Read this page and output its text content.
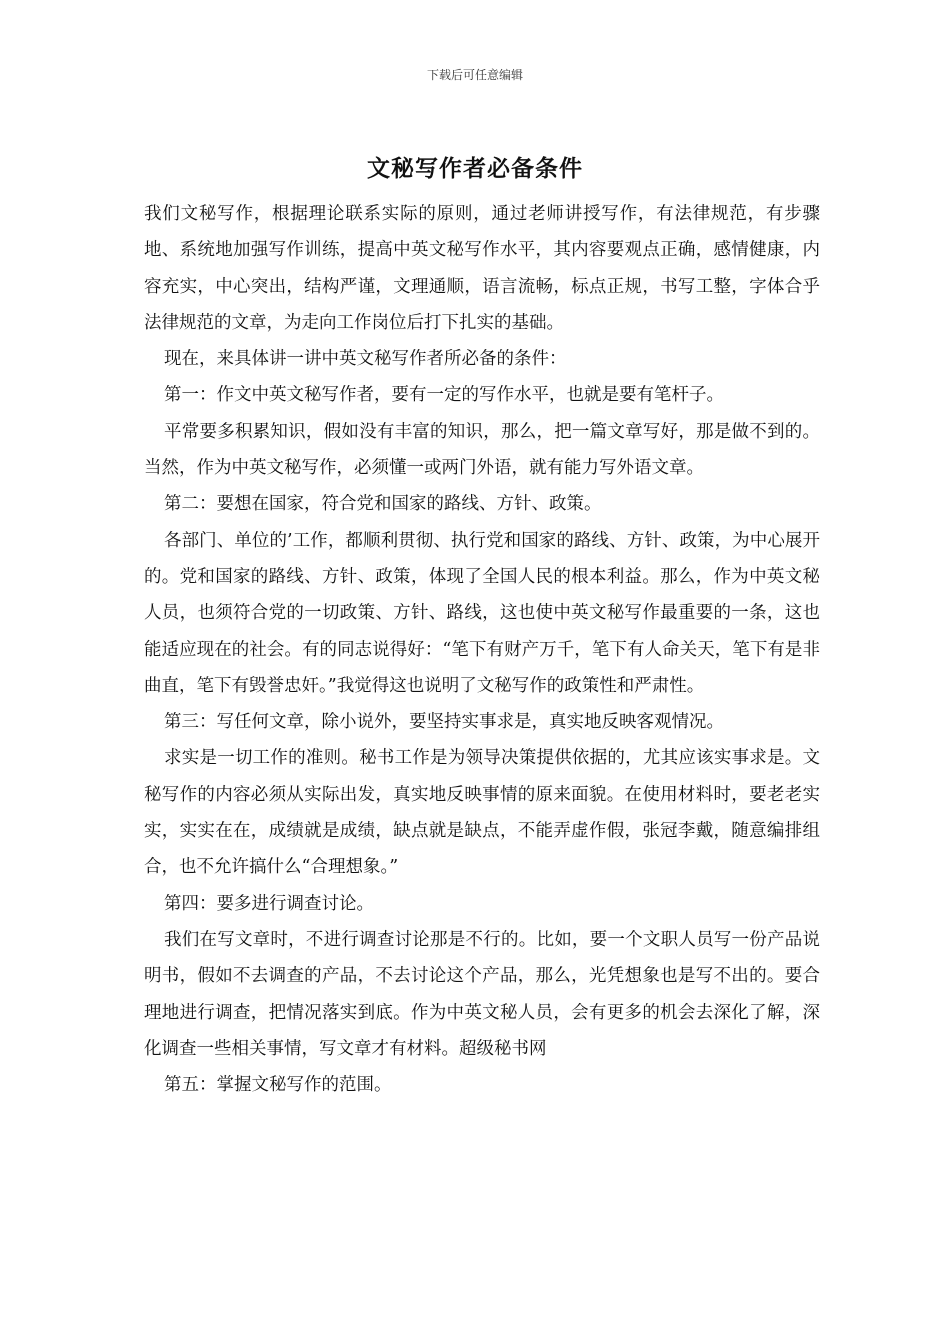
下载后可任意编辑
文秘写作者必备条件

我们文秘写作，根据理论联系实际的原则，通过老师讲授写作，有法律规范，有步骤地、系统地加强写作训练，提高中英文秘写作水平，其内容要观点正确，感情健康，内容充实，中心突出，结构严谨，文理通顺，语言流畅，标点正规，书写工整，字体合乎法律规范的文章，为走向工作岗位后打下扎实的基础。

现在，来具体讲一讲中英文秘写作者所必备的条件：

第一：作文中英文秘写作者，要有一定的写作水平，也就是要有笔杆子。

平常要多积累知识，假如没有丰富的知识，那么，把一篇文章写好，那是做不到的。当然，作为中英文秘写作，必须懂一或两门外语，就有能力写外语文章。

第二：要想在国家，符合党和国家的路线、方针、政策。

各部门、单位的’工作，都顺利贯彻、执行党和国家的路线、方针、政策，为中心展开的。党和国家的路线、方针、政策，体现了全国人民的根本利益。那么，作为中英文秘人员，也须符合党的一切政策、方针、路线，这也使中英文秘写作最重要的一条，这也能适应现在的社会。有的同志说得好：“笔下有财产万千，笔下有人命关天，笔下有是非曲直，笔下有毁誉忠奸。”我觉得这也说明了文秘写作的政策性和严肃性。

第三：写任何文章，除小说外，要坚持实事求是，真实地反映客观情况。

求实是一切工作的准则。秘书工作是为领导决策提供依据的，尤其应该实事求是。文秘写作的内容必须从实际出发，真实地反映事情的原来面貌。在使用材料时，要老老实实，实实在在，成绩就是成绩，缺点就是缺点，不能弄虚作假，张冠李戴，随意编排组合，也不允许搞什么“合理想象。”

第四：要多进行调查讨论。

我们在写文章时，不进行调查讨论那是不行的。比如，要一个文职人员写一份产品说明书，假如不去调查的产品，不去讨论这个产品，那么，光凭想象也是写不出的。要合理地进行调查，把情况落实到底。作为中英文秘人员，会有更多的机会去深化了解，深化调查一些相关事情，写文章才有材料。超级秘书网

第五：掌握文秘写作的范围。
